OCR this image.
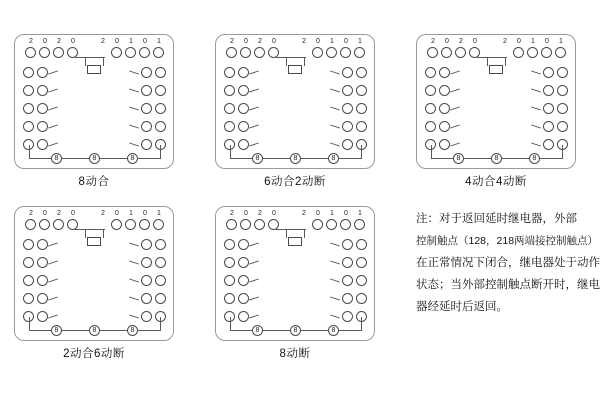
2 0 2 0	2 0 1 0 1
8	8	8
8动合
2 0 2 0	2 0 1 0 1
8	8	8
6动合2动断
2 0 2 0	2 0 1 0 1
8	8	8
4动合4动断
2 0 2 0	2 0 1 0 1
8	8	8
2动合6动断
2 0 2 0	2 0 1 0 1
8	8	8
8动断
注：对于返回延时继电器，外部
控制触点（128，218两端接控制触点）
在正常情况下闭合，继电器处于动作
状态；当外部控制触点断开时，继电
器经延时后返回。
